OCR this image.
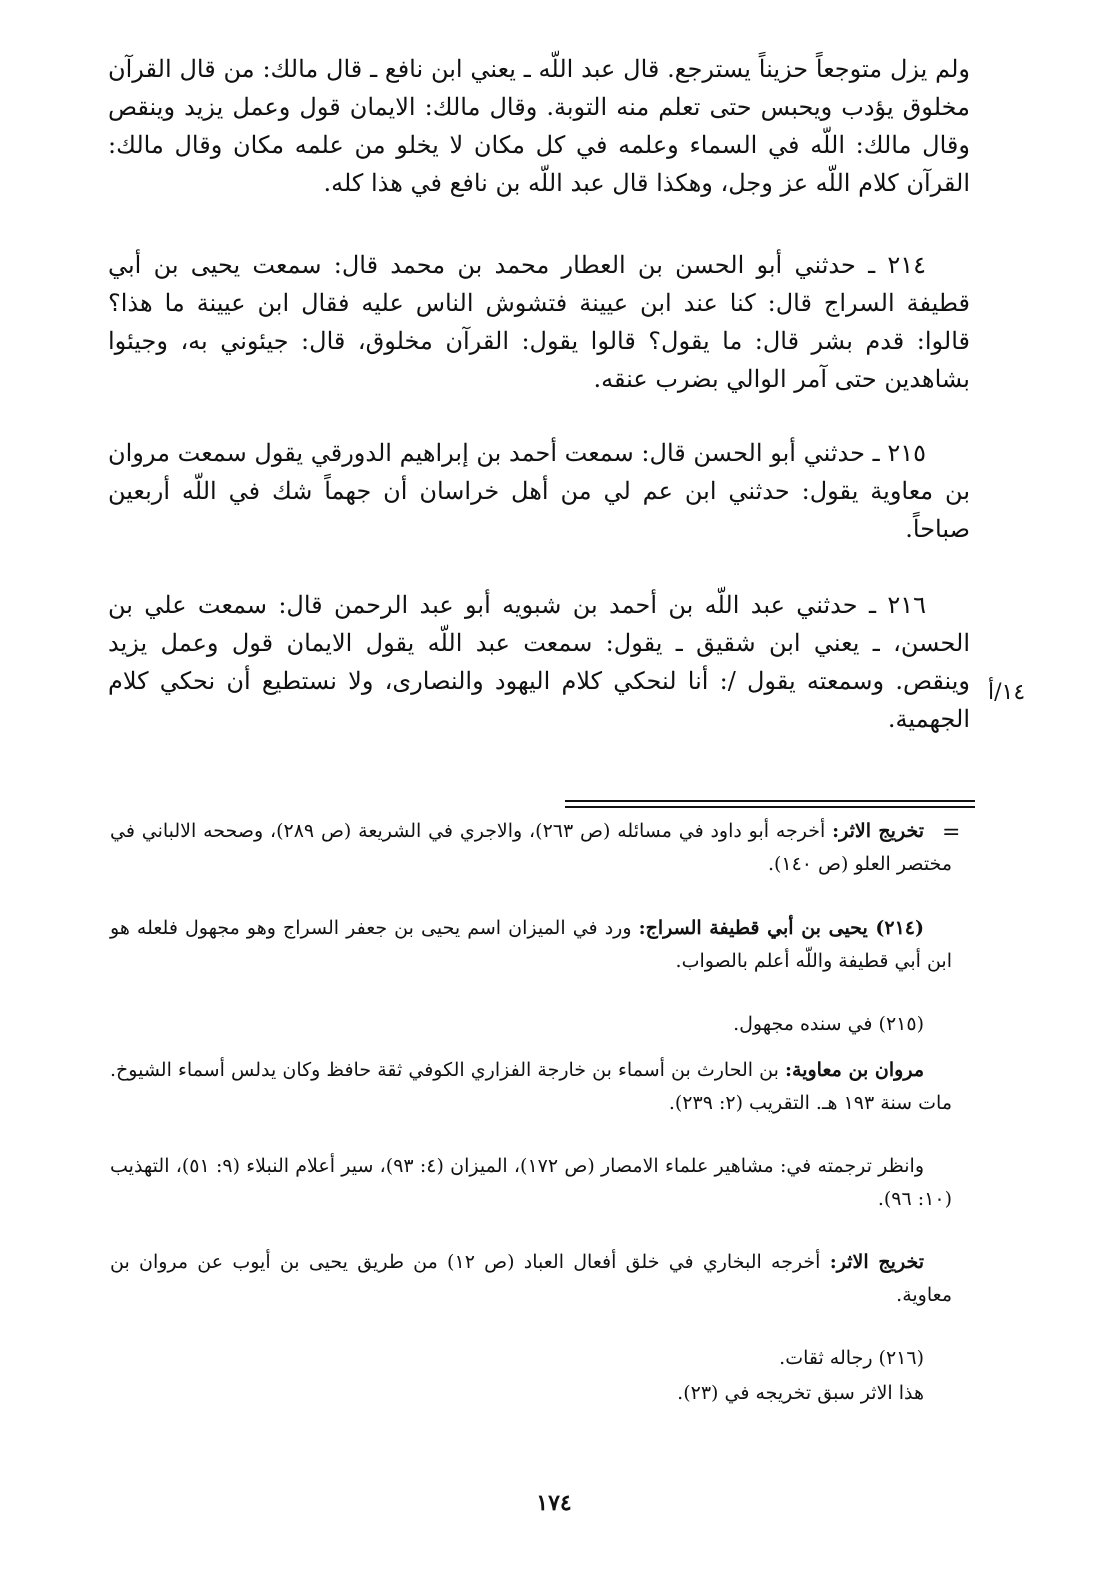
ولم يزل متوجعاً حزيناً يسترجع. قال عبد اللّه ـ يعني ابن نافع ـ قال مالك: من قال القرآن مخلوق يؤدب ويحبس حتى تعلم منه التوبة. وقال مالك: الايمان قول وعمل يزيد وينقص وقال مالك: اللّه في السماء وعلمه في كل مكان لا يخلو من علمه مكان وقال مالك: القرآن كلام اللّه عز وجل، وهكذا قال عبد اللّه بن نافع في هذا كله.

٢١٤ ـ حدثني أبو الحسن بن العطار محمد بن محمد قال: سمعت يحيى بن أبي قطيفة السراج قال: كنا عند ابن عيينة فتشوش الناس عليه فقال ابن عيينة ما هذا؟ قالوا: قدم بشر قال: ما يقول؟ قالوا يقول: القرآن مخلوق، قال: جيئوني به، وجيئوا بشاهدين حتى آمر الوالي بضرب عنقه.

٢١٥ ـ حدثني أبو الحسن قال: سمعت أحمد بن إبراهيم الدورقي يقول سمعت مروان بن معاوية يقول: حدثني ابن عم لي من أهل خراسان أن جهماً شك في اللّه أربعين صباحاً.

٢١٦ ـ حدثني عبد اللّه بن أحمد بن شبويه أبو عبد الرحمن قال: سمعت علي بن الحسن، ـ يعني ابن شقيق ـ يقول: سمعت عبد اللّه يقول الايمان قول وعمل يزيد وينقص. وسمعته يقول /: أنا لنحكي كلام اليهود والنصارى، ولا نستطيع أن نحكي كلام الجهمية.

١٤/أ
=

تخريج الاثر: أخرجه أبو داود في مسائله (ص ٢٦٣)، والاجري في الشريعة (ص ٢٨٩)، وصححه الالباني في مختصر العلو (ص ١٤٠).

(٢١٤) يحيى بن أبي قطيفة السراج: ورد في الميزان اسم يحيى بن جعفر السراج وهو مجهول فلعله هو ابن أبي قطيفة واللّه أعلم بالصواب.

(٢١٥) في سنده مجهول.

مروان بن معاوية: بن الحارث بن أسماء بن خارجة الفزاري الكوفي ثقة حافظ وكان يدلس أسماء الشيوخ. مات سنة ١٩٣ هـ. التقريب (٢: ٢٣٩).

وانظر ترجمته في: مشاهير علماء الامصار (ص ١٧٢)، الميزان (٤: ٩٣)، سير أعلام النبلاء (٩: ٥١)، التهذيب (١٠: ٩٦).

تخريج الاثر: أخرجه البخاري في خلق أفعال العباد (ص ١٢) من طريق يحيى بن أيوب عن مروان بن معاوية.

(٢١٦) رجاله ثقات.

هذا الاثر سبق تخريجه في (٢٣).

١٧٤
